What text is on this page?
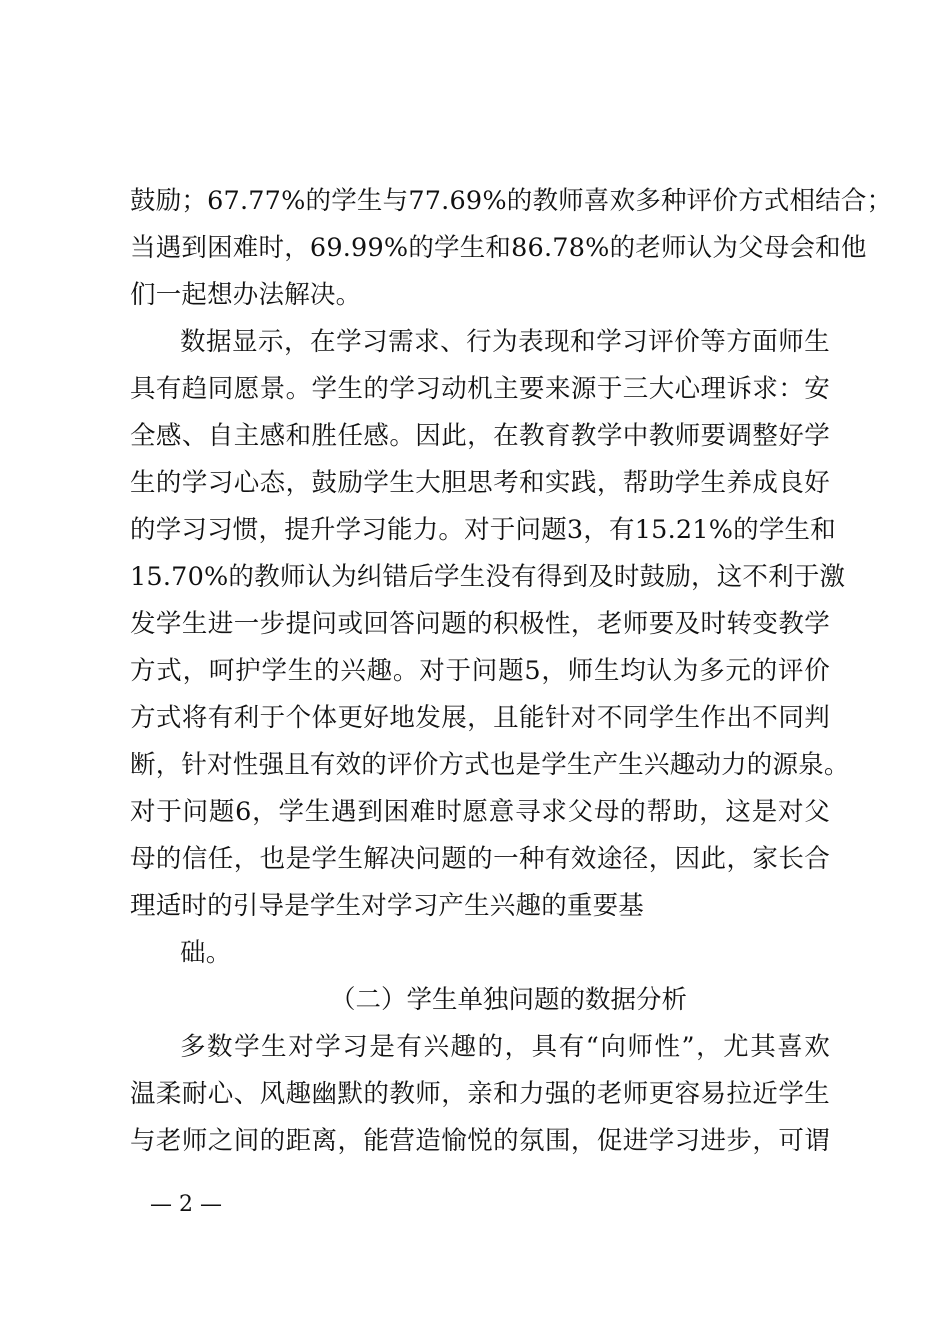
鼓励；67.77%的学生与77.69%的教师喜欢多种评价方式相结合；
当遇到困难时，69.99%的学生和86.78%的老师认为父母会和他
们一起想办法解决。
数据显示，在学习需求、行为表现和学习评价等方面师生
具有趋同愿景。学生的学习动机主要来源于三大心理诉求：安
全感、自主感和胜任感。因此，在教育教学中教师要调整好学
生的学习心态，鼓励学生大胆思考和实践，帮助学生养成良好
的学习习惯，提升学习能力。对于问题3，有15.21%的学生和
15.70%的教师认为纠错后学生没有得到及时鼓励，这不利于激
发学生进一步提问或回答问题的积极性，老师要及时转变教学
方式，呵护学生的兴趣。对于问题5，师生均认为多元的评价
方式将有利于个体更好地发展，且能针对不同学生作出不同判
断，针对性强且有效的评价方式也是学生产生兴趣动力的源泉。
对于问题6，学生遇到困难时愿意寻求父母的帮助，这是对父
母的信任，也是学生解决问题的一种有效途径，因此，家长合
理适时的引导是学生对学习产生兴趣的重要基
础。
（二）学生单独问题的数据分析
多数学生对学习是有兴趣的，具有“向师性”，尤其喜欢
温柔耐心、风趣幽默的教师，亲和力强的老师更容易拉近学生
与老师之间的距离，能营造愉悦的氛围，促进学习进步，可谓
— 2 —
